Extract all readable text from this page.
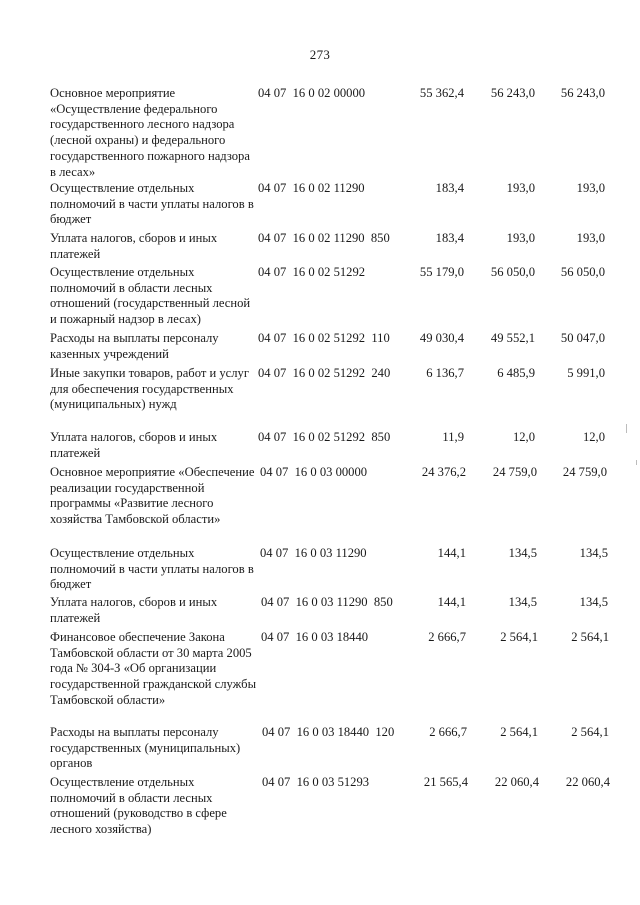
273
Основное мероприятие «Осуществление федерального государственного лесного надзора (лесной охраны) и федерального государственного пожарного надзора в лесах»
04 07  16 0 02 00000	55 362,4	56 243,0	56 243,0
Осуществление отдельных полномочий в части уплаты налогов в бюджет
04 07  16 0 02 11290	183,4	193,0	193,0
Уплата налогов, сборов и иных платежей
04 07  16 0 02 11290  850	183,4	193,0	193,0
Осуществление отдельных полномочий в области лесных отношений (государственный лесной и пожарный надзор в лесах)
04 07  16 0 02 51292	55 179,0	56 050,0	56 050,0
Расходы на выплаты персоналу казенных учреждений
04 07  16 0 02 51292  110	49 030,4	49 552,1	50 047,0
Иные закупки товаров, работ и услуг для обеспечения государственных (муниципальных) нужд
04 07  16 0 02 51292  240	6 136,7	6 485,9	5 991,0
Уплата налогов, сборов и иных платежей
04 07  16 0 02 51292  850	11,9	12,0	12,0
Основное мероприятие «Обеспечение реализации государственной программы «Развитие лесного хозяйства Тамбовской области»
04 07  16 0 03 00000	24 376,2	24 759,0	24 759,0
Осуществление отдельных полномочий в части уплаты налогов в бюджет
04 07  16 0 03 11290	144,1	134,5	134,5
Уплата налогов, сборов и иных платежей
04 07  16 0 03 11290  850	144,1	134,5	134,5
Финансовое обеспечение Закона Тамбовской области от 30 марта 2005 года № 304-З «Об организации государственной гражданской службы Тамбовской области»
04 07  16 0 03 18440	2 666,7	2 564,1	2 564,1
Расходы на выплаты персоналу государственных (муниципальных) органов
04 07  16 0 03 18440  120	2 666,7	2 564,1	2 564,1
Осуществление отдельных полномочий в области лесных отношений (руководство в сфере лесного хозяйства)
04 07  16 0 03 51293	21 565,4	22 060,4	22 060,4
